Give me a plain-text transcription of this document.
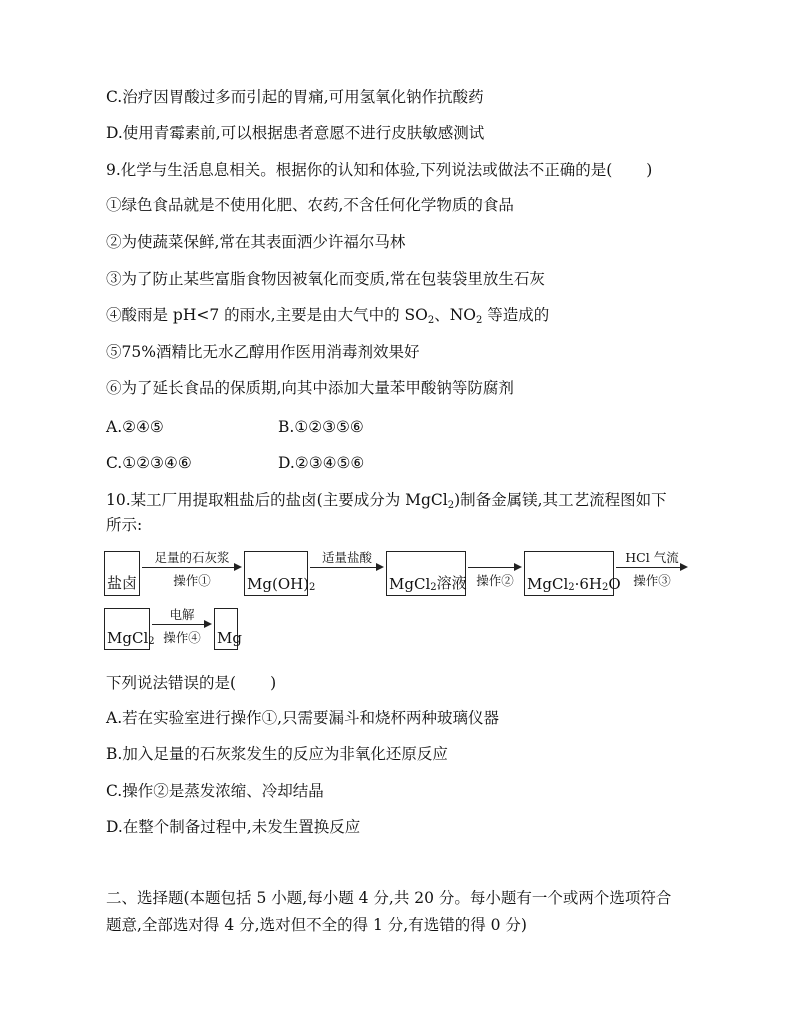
C.治疗因胃酸过多而引起的胃痛,可用氢氧化钠作抗酸药
D.使用青霉素前,可以根据患者意愿不进行皮肤敏感测试
9.化学与生活息息相关。根据你的认知和体验,下列说法或做法不正确的是( )
①绿色食品就是不使用化肥、农药,不含任何化学物质的食品
②为使蔬菜保鲜,常在其表面洒少许福尔马林
③为了防止某些富脂食物因被氧化而变质,常在包装袋里放生石灰
④酸雨是 pH<7 的雨水,主要是由大气中的 $SO_2$、$NO_2$ 等造成的
⑤75%酒精比无水乙醇用作医用消毒剂效果好
⑥为了延长食品的保质期,向其中添加大量苯甲酸钠等防腐剂
A.②④⑤	B.①②③⑤⑥
C.①②③④⑥	D.②③④⑤⑥
10.某工厂用提取粗盐后的盐卤(主要成分为 MgCl$_2$)制备金属镁,其工艺流程图如下
所示:
盐卤
足量的石灰浆
操作①	$Mg(OH)_2$
适量盐酸
MgCl$_2$ 溶液 操作② MgCl$_2$ $\cdot 6H_2$ O
HCl 气流
操作③
MgCl$_2$
电解
操作④	Mg
下列说法错误的是( )
A.若在实验室进行操作①,只需要漏斗和烧杯两种玻璃仪器
B.加入足量的石灰浆发生的反应为非氧化还原反应
C.操作②是蒸发浓缩、冷却结晶
D.在整个制备过程中,未发生置换反应
二、选择题(本题包括 5 小题,每小题 4 分,共 20 分。每小题有一个或两个选项符合
题意,全部选对得 4 分,选对但不全的得 1 分,有选错的得 0 分)
